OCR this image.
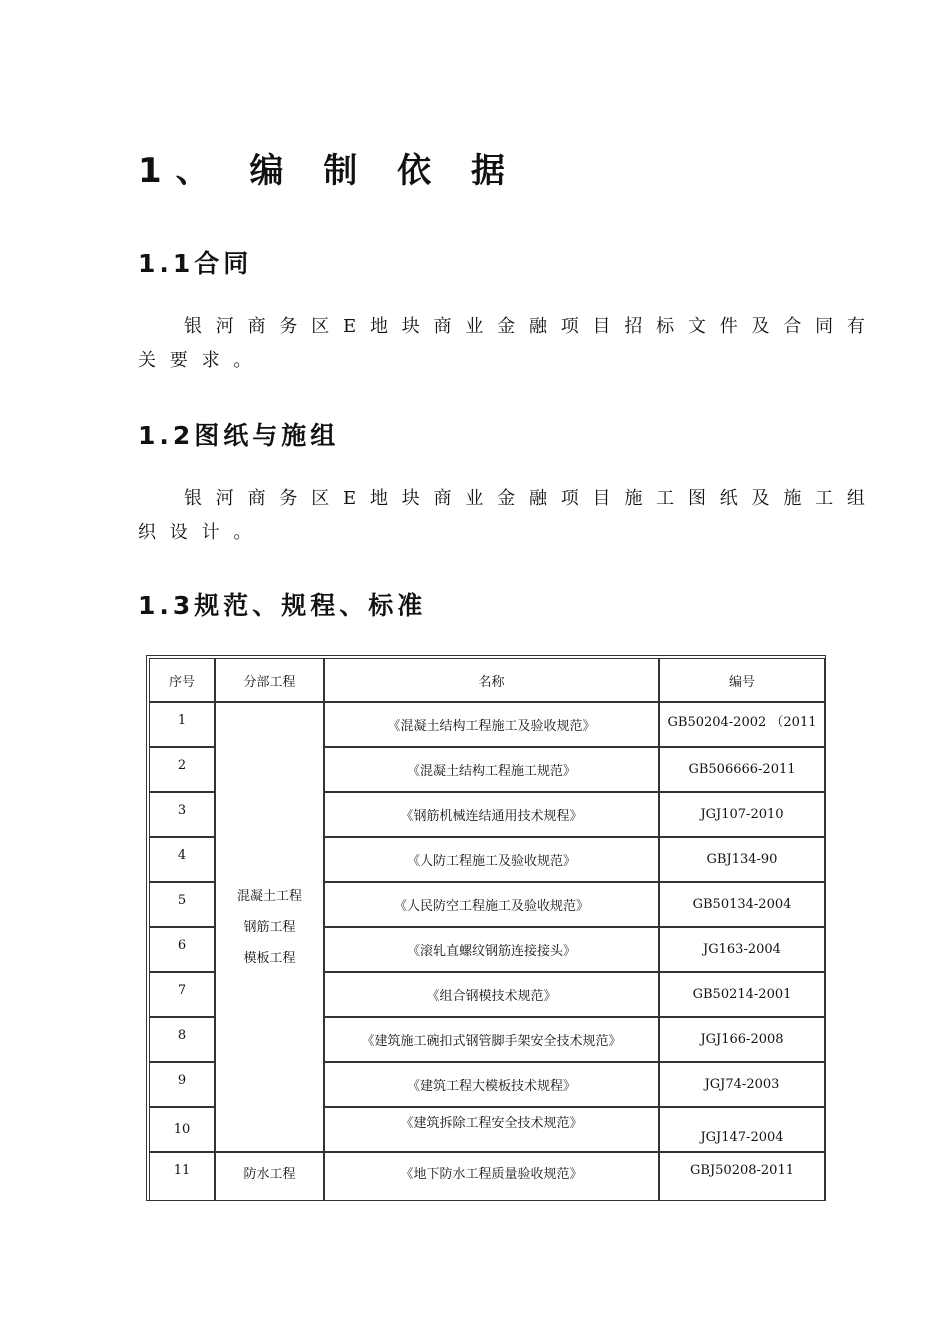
1、 编 制 依 据
1.1合同
银河商务区E地块商业金融项目招标文件及合同有
关要求。
1.2图纸与施组
银河商务区E地块商业金融项目施工图纸及施工组
织设计。
1.3规范、规程、标准
序号	分部工程	名称	编号
1	混凝土工程
钢筋工程
模板工程	《混凝土结构工程施工及验收规范》	GB50204-2002 （2011
2		《混凝土结构工程施工规范》	GB506666-2011
3		《钢筋机械连结通用技术规程》	JGJ107-2010
4		《人防工程施工及验收规范》	GBJ134-90
5		《人民防空工程施工及验收规范》	GB50134-2004
6		《滚轧直螺纹钢筋连接接头》	JG163-2004
7		《组合钢模技术规范》	GB50214-2001
8		《建筑施工碗扣式钢管脚手架安全技术规范》	JGJ166-2008
9		《建筑工程大模板技术规程》	JGJ74-2003
10		《建筑拆除工程安全技术规范》	JGJ147-2004
11	防水工程	《地下防水工程质量验收规范》	GBJ50208-2011
